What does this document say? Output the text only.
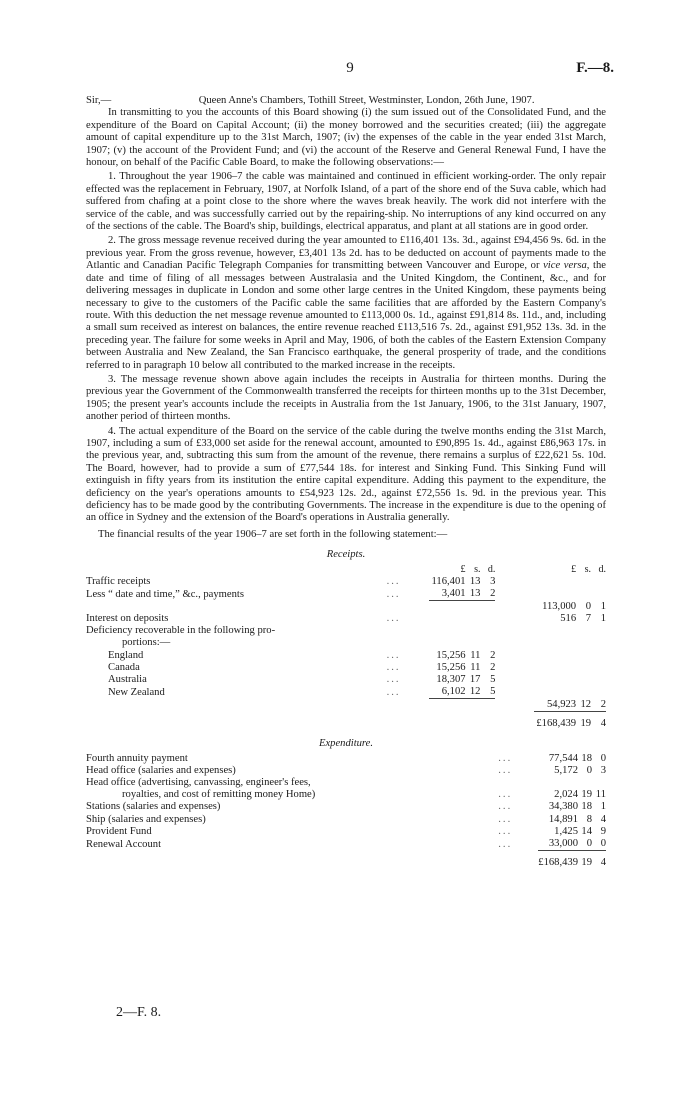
9	F.—8.
Sir,—	Queen Anne's Chambers, Tothill Street, Westminster, London, 26th June, 1907.

In transmitting to you the accounts of this Board showing (i) the sum issued out of the Consolidated Fund, and the expenditure of the Board on Capital Account; (ii) the money borrowed and the securities created; (iii) the aggregate amount of capital expenditure up to the 31st March, 1907; (iv) the expenses of the cable in the year ended 31st March, 1907; (v) the account of the Provident Fund; and (vi) the account of the Reserve and General Renewal Fund, I have the honour, on behalf of the Pacific Cable Board, to make the following observations:—

1. Throughout the year 1906–7 the cable was maintained and continued in efficient working-order. The only repair effected was the replacement in February, 1907, at Norfolk Island, of a part of the shore end of the Suva cable, which had suffered from chafing at a point close to the shore where the waves break heavily. The work did not interfere with the service of the cable, and was successfully carried out by the repairing-ship. No interruptions of any kind occurred on any of the sections of the cable. The Board's ship, buildings, electrical apparatus, and plant at all stations are in good order.

2. The gross message revenue received during the year amounted to £116,401 13s. 3d., against £94,456 9s. 6d. in the previous year. From the gross revenue, however, £3,401 13s 2d. has to be deducted on account of payments made to the Atlantic and Canadian Pacific Telegraph Companies for transmitting between Vancouver and Europe, or vice versa, the date and time of filing of all messages between Australasia and the United Kingdom, the Continent, &c., and for delivering messages in duplicate in London and some other large centres in the United Kingdom, these payments being necessary to give to the customers of the Pacific cable the same facilities that are afforded by the Eastern Company's route. With this deduction the net message revenue amounted to £113,000 0s. 1d., against £91,814 8s. 11d., and, including a small sum received as interest on balances, the entire revenue reached £113,516 7s. 2d., against £91,952 13s. 3d. in the preceding year. The failure for some weeks in April and May, 1906, of both the cables of the Eastern Extension Company between Australia and New Zealand, the San Francisco earthquake, the general prosperity of trade, and the conditions referred to in paragraph 10 below all contributed to the marked increase in the receipts.

3. The message revenue shown above again includes the receipts in Australia for thirteen months. During the previous year the Government of the Commonwealth transferred the receipts for thirteen months up to the 31st December, 1905; the present year's accounts include the receipts in Australia from the 1st January, 1906, to the 31st January, 1907, another period of thirteen months.

4. The actual expenditure of the Board on the service of the cable during the twelve months ending the 31st March, 1907, including a sum of £33,000 set aside for the renewal account, amounted to £90,895 1s. 4d., against £86,963 17s. in the previous year, and, subtracting this sum from the amount of the revenue, there remains a surplus of £22,621 5s. 10d. The Board, however, had to provide a sum of £77,544 18s. for interest and Sinking Fund. This Sinking Fund will extinguish in fifty years from its institution the entire capital expenditure. Adding this payment to the expenditure, the deficiency on the year's operations amounts to £54,923 12s. 2d., against £72,556 1s. 9d. in the previous year. This deficiency has to be made good by the contributing Governments. The increase in the expenditure is due to the opening of an office in Sydney and the extension of the Board's operations in Australia generally.

The financial results of the year 1906–7 are set forth in the following statement:—
Receipts.
		£	s.	d.		£	s.	d.
Traffic receipts	...	116,401	13	3				
Less “ date and time,” &c., payments	...	3,401	13	2				
						113,000	0	1
Interest on deposits	...					516	7	1
Deficiency recoverable in the following pro-								
portions:—								
England	...	15,256	11	2				
Canada	...	15,256	11	2				
Australia	...	18,307	17	5				
New Zealand	...	6,102	12	5				
						54,923	12	2
						£168,439	19	4
Expenditure.
Fourth annuity payment	...	77,544	18	0
Head office (salaries and expenses)	...	5,172	0	3
Head office (advertising, canvassing, engineer's fees,				
royalties, and cost of remitting money Home)	...	2,024	19	11
Stations (salaries and expenses)	...	34,380	18	1
Ship (salaries and expenses)	...	14,891	8	4
Provident Fund	...	1,425	14	9
Renewal Account	...	33,000	0	0
		£168,439	19	4
2—F. 8.
